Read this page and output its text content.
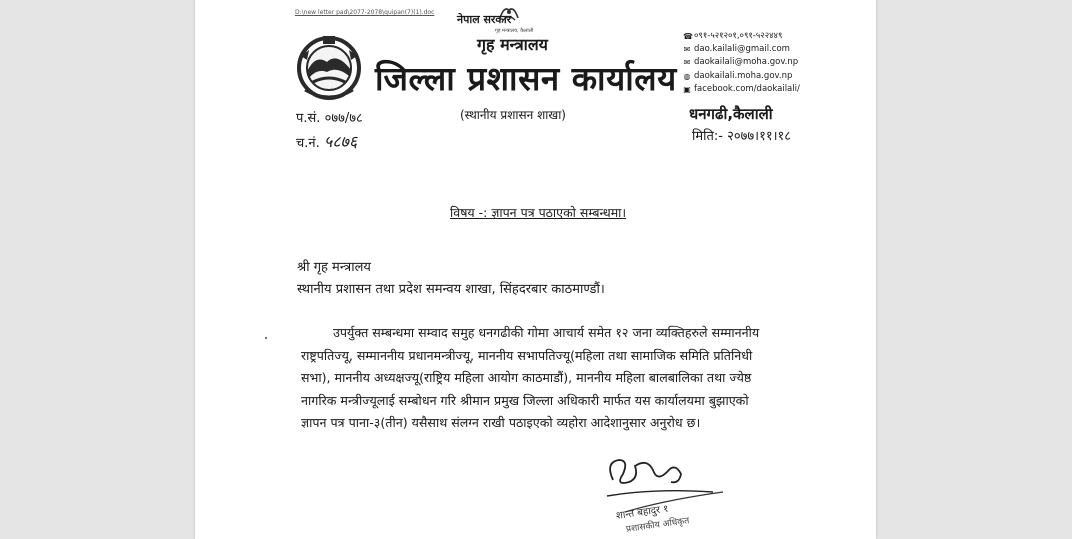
D:\new letter pad\2077-2078\quipan(7)(1).doc
नेपाल सरकार
गृह मन्त्रालय, कैलाली
गृह मन्त्रालय
जिल्ला प्रशासन कार्यालय
(स्थानीय प्रशासन शाखा)
प.सं. ०७७/७८
च.नं. ५८७६
☎ ०९१-५२१२०१,०९१-५२२४४९
✉ dao.kailali@gmail.com
✉ daokailali@moha.gov.np
◍ daokailali.moha.gov.np
▣ facebook.com/daokailali/
धनगढी,कैलाली
मिति:- २०७७।११।१८
विषय -: ज्ञापन पत्र पठाएको सम्बन्धमा।
श्री गृह मन्त्रालय
स्थानीय प्रशासन तथा प्रदेश समन्वय शाखा, सिंहदरबार काठमाण्डौं।
उपर्युक्त सम्बन्धमा सम्वाद समुह धनगढीकी गोमा आचार्य समेत १२ जना व्यक्तिहरुले सम्माननीय
राष्ट्रपतिज्यू, सम्माननीय प्रधानमन्त्रीज्यू, माननीय सभापतिज्यू(महिला तथा सामाजिक समिति प्रतिनिधी
सभा), माननीय अध्यक्षज्यू(राष्ट्रिय महिला आयोग काठमाडौं), माननीय महिला बालबालिका तथा ज्येष्ठ
नागरिक मन्त्रीज्यूलाई सम्बोधन गरि श्रीमान प्रमुख जिल्ला अधिकारी मार्फत यस कार्यालयमा बुझाएको
ज्ञापन पत्र पाना-३(तीन) यसैसाथ संलग्न राखी पठाइएको व्यहोरा आदेशानुसार अनुरोध छ।
शान्त बहादुर १
प्रशासकीय अधिकृत
